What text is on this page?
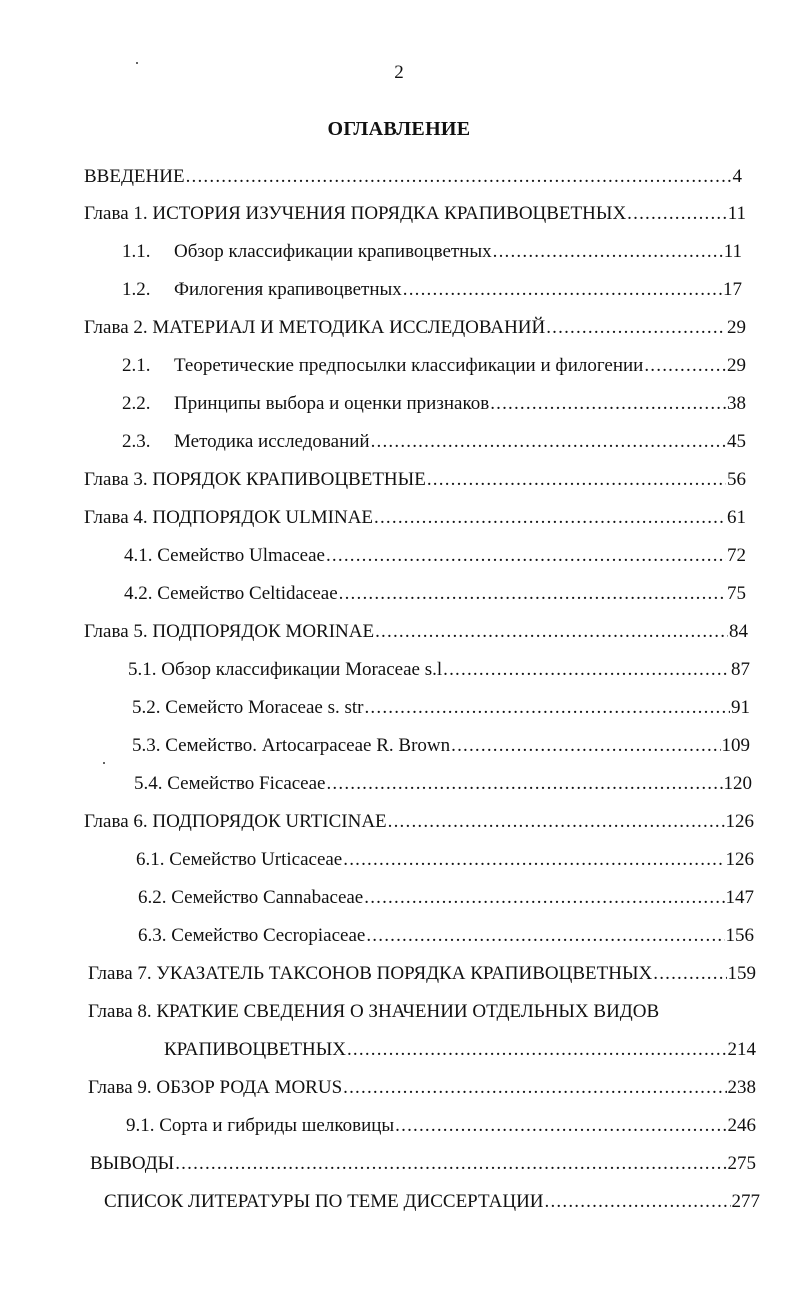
2
ОГЛАВЛЕНИЕ
ВВЕДЕНИЕ .....	4
Глава 1. ИСТОРИЯ ИЗУЧЕНИЯ ПОРЯДКА КРАПИВОЦВЕТНЫХ .....	11
1.1.	Обзор классификации крапивоцветных .....	11
1.2.	Филогения крапивоцветных .....	17
Глава 2. МАТЕРИАЛ И МЕТОДИКА ИССЛЕДОВАНИЙ .....	29
2.1.	Теоретические предпосылки классификации и филогении .....	29
2.2.	Принципы выбора и оценки признаков .....	38
2.3.	Методика исследований .....	45
Глава 3. ПОРЯДОК КРАПИВОЦВЕТНЫЕ .....	56
Глава 4. ПОДПОРЯДОК ULMINAE .....	61
4.1. Семейство Ulmaceae .....	72
4.2. Семейство Celtidaceae .....	75
Глава 5. ПОДПОРЯДОК MORINAE .....	84
5.1. Обзор классификации Moraceae s.l .....	87
5.2. Семейсто Moraceae s. str .....	91
5.3. Семейство. Artocarpaceae R. Brown .....	109
5.4. Семейство Ficaceae .....	120
Глава 6. ПОДПОРЯДОК URTICINAE .....	126
6.1. Семейство Urticaceae .....	126
6.2. Семейство Cannabaceae .....	147
6.3. Семейство Cecropiaceae .....	156
Глава 7. УКАЗАТЕЛЬ ТАКСОНОВ ПОРЯДКА КРАПИВОЦВЕТНЫХ .....	159
Глава 8. КРАТКИЕ СВЕДЕНИЯ О ЗНАЧЕНИИ ОТДЕЛЬНЫХ ВИДОВ
КРАПИВОЦВЕТНЫХ .....	214
Глава 9. ОБЗОР РОДА MORUS .....	238
9.1. Сорта и гибриды шелковицы .....	246
ВЫВОДЫ .....	275
СПИСОК ЛИТЕРАТУРЫ ПО ТЕМЕ ДИССЕРТАЦИИ .....	277
